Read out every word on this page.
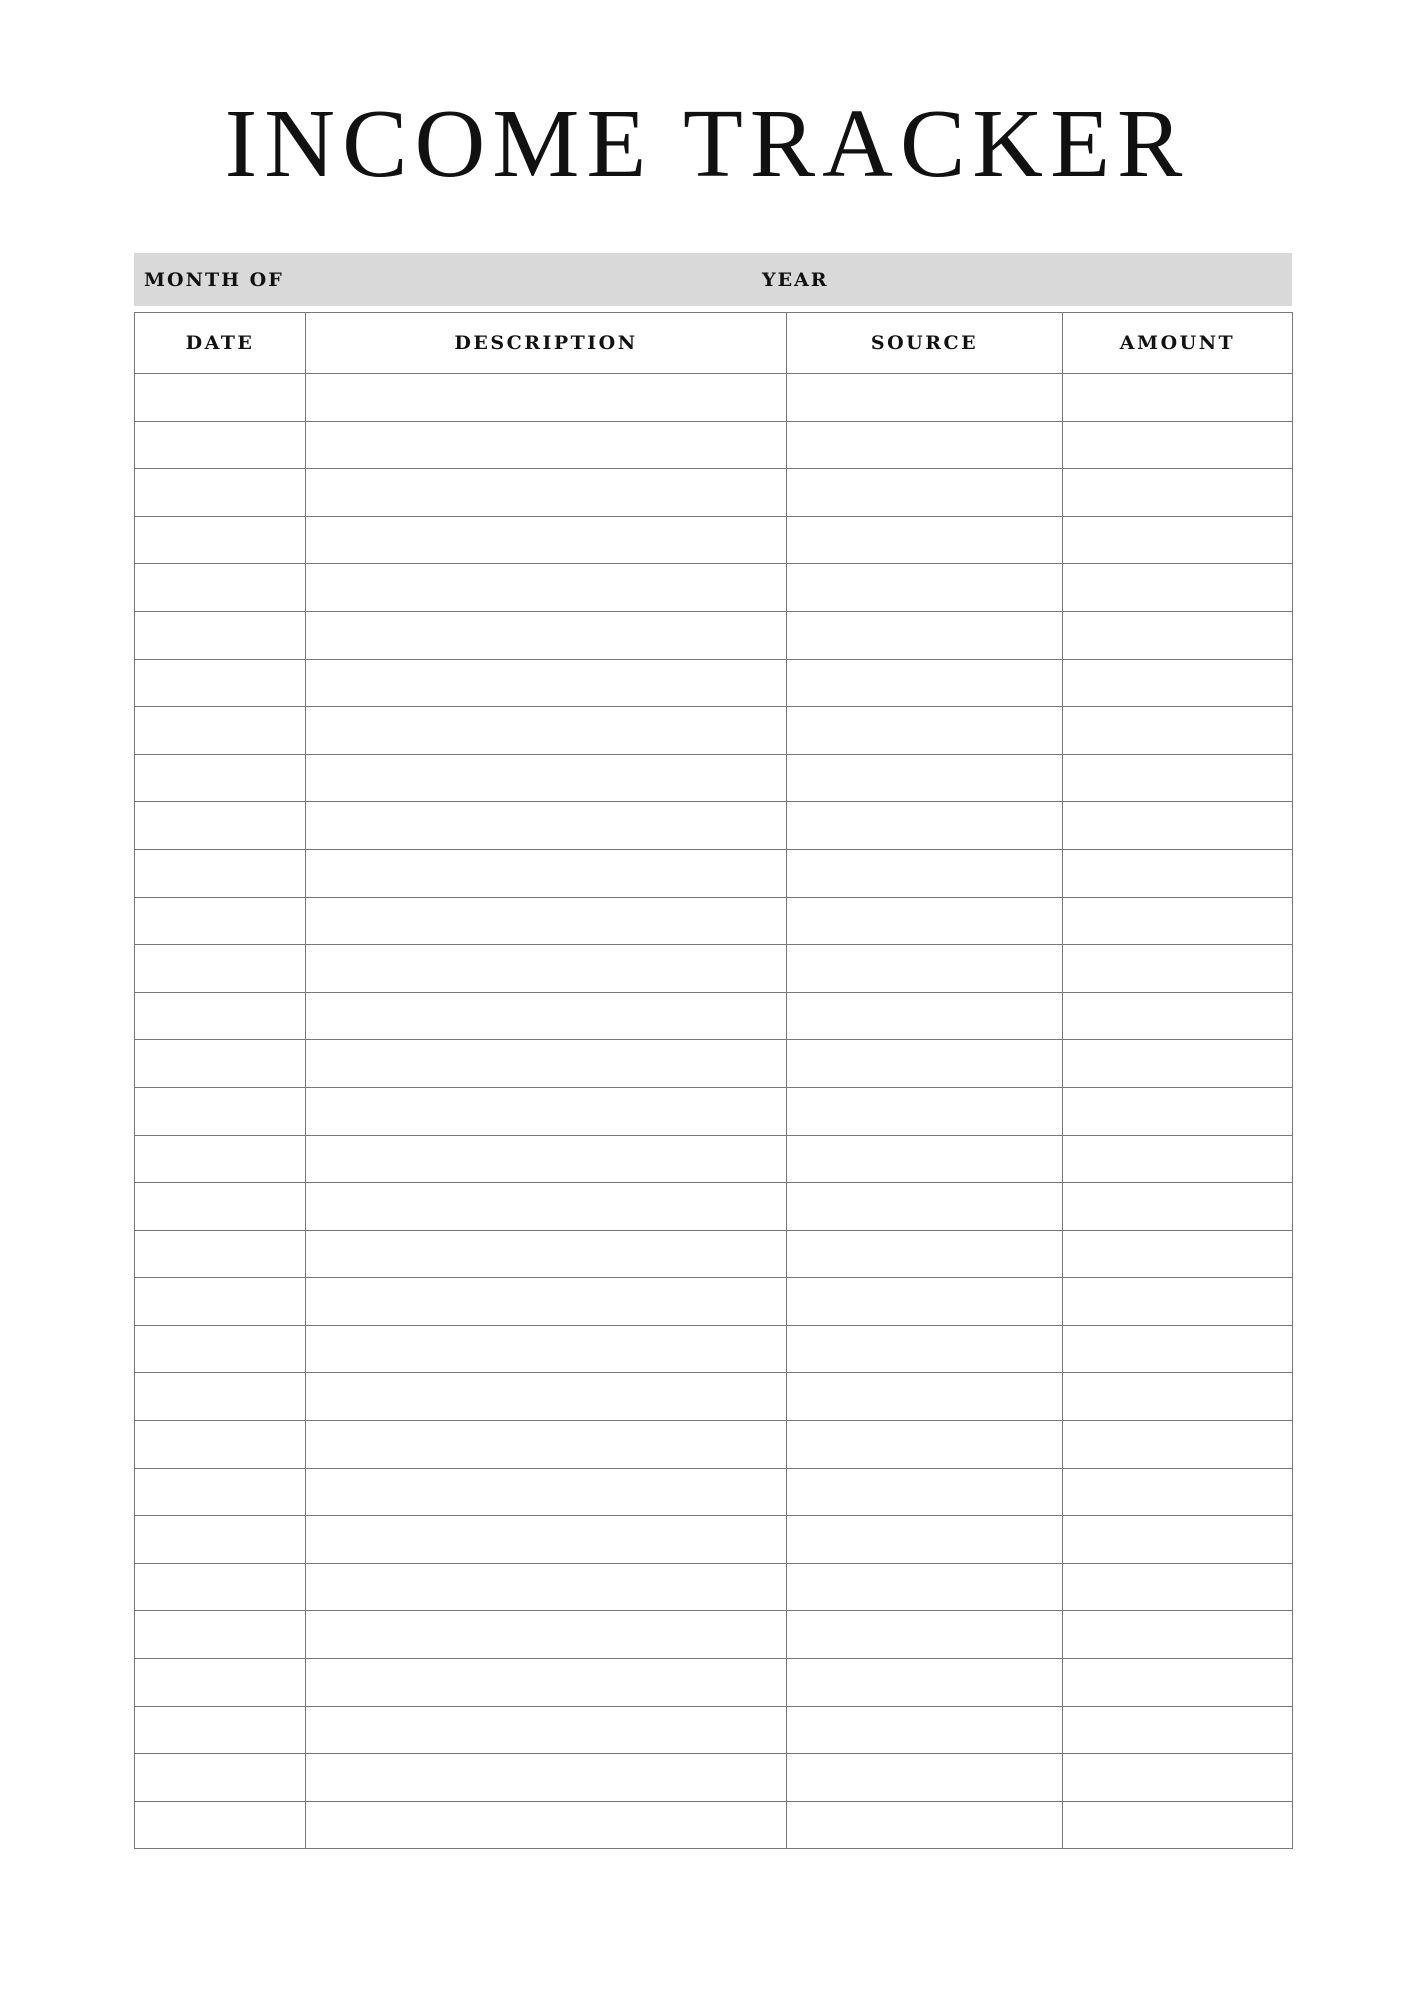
INCOME TRACKER
MONTH OF	YEAR
DATE	DESCRIPTION	SOURCE	AMOUNT
